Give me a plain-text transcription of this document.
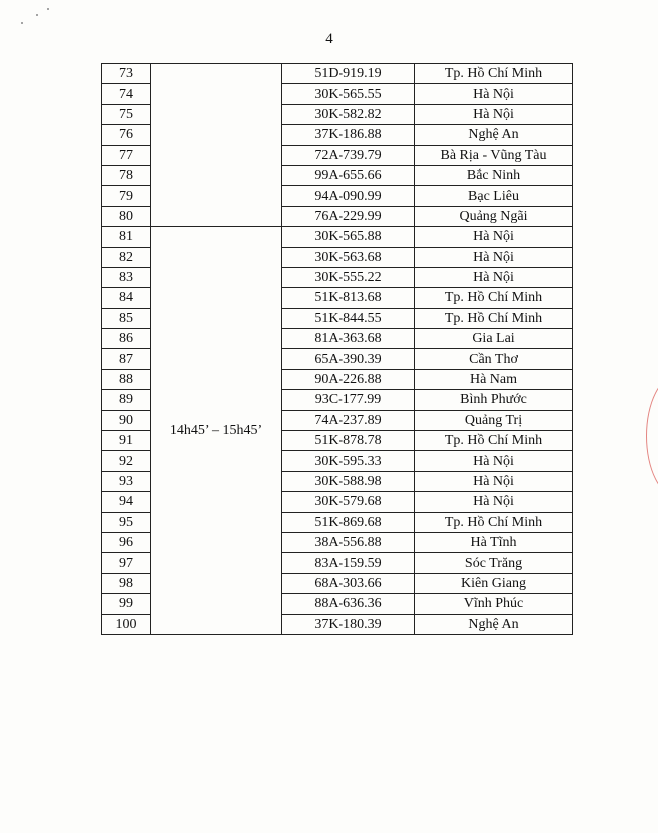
4
73		51D-919.19	Tp. Hồ Chí Minh
74		30K-565.55	Hà Nội
75		30K-582.82	Hà Nội
76		37K-186.88	Nghệ An
77		72A-739.79	Bà Rịa - Vũng Tàu
78		99A-655.66	Bắc Ninh
79		94A-090.99	Bạc Liêu
80		76A-229.99	Quảng Ngãi
81	14h45’ – 15h45’	30K-565.88	Hà Nội
82		30K-563.68	Hà Nội
83		30K-555.22	Hà Nội
84		51K-813.68	Tp. Hồ Chí Minh
85		51K-844.55	Tp. Hồ Chí Minh
86		81A-363.68	Gia Lai
87		65A-390.39	Cần Thơ
88		90A-226.88	Hà Nam
89		93C-177.99	Bình Phước
90		74A-237.89	Quảng Trị
91		51K-878.78	Tp. Hồ Chí Minh
92		30K-595.33	Hà Nội
93		30K-588.98	Hà Nội
94		30K-579.68	Hà Nội
95		51K-869.68	Tp. Hồ Chí Minh
96		38A-556.88	Hà Tĩnh
97		83A-159.59	Sóc Trăng
98		68A-303.66	Kiên Giang
99		88A-636.36	Vĩnh Phúc
100		37K-180.39	Nghệ An
